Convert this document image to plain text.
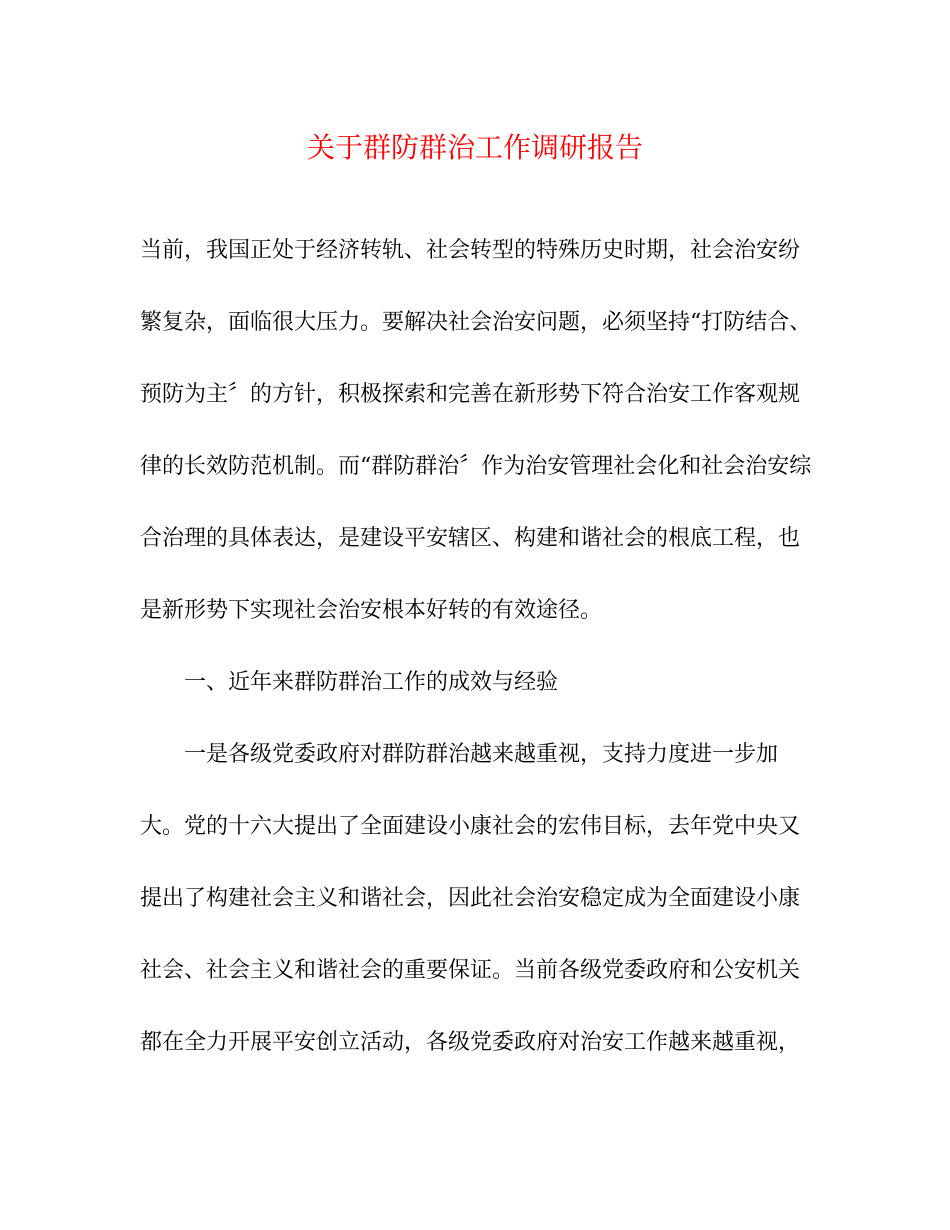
关于群防群治工作调研报告

当前，我国正处于经济转轨、社会转型的特殊历史时期，社会治安纷

繁复杂，面临很大压力。要解决社会治安问题，必须坚持“打防结合、

预防为主〞的方针，积极探索和完善在新形势下符合治安工作客观规

律的长效防范机制。而“群防群治〞作为治安管理社会化和社会治安综

合治理的具体表达，是建设平安辖区、构建和谐社会的根底工程，也

是新形势下实现社会治安根本好转的有效途径。

一、近年来群防群治工作的成效与经验

一是各级党委政府对群防群治越来越重视，支持力度进一步加

大。党的十六大提出了全面建设小康社会的宏伟目标，去年党中央又

提出了构建社会主义和谐社会，因此社会治安稳定成为全面建设小康

社会、社会主义和谐社会的重要保证。当前各级党委政府和公安机关

都在全力开展平安创立活动，各级党委政府对治安工作越来越重视，
